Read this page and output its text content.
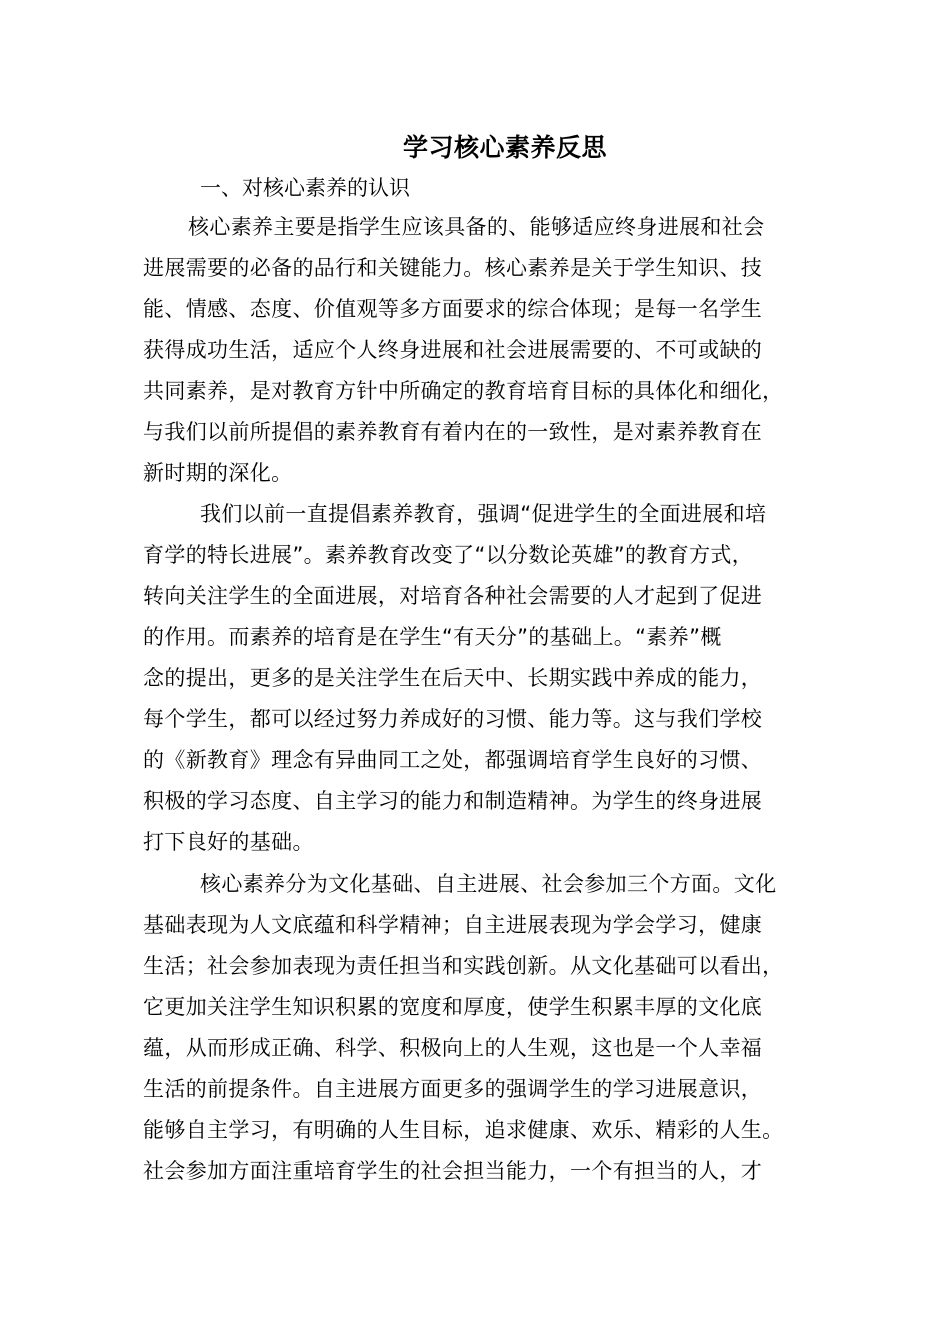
学习核心素养反思
一、对核心素养的认识
核心素养主要是指学生应该具备的、能够适应终身进展和社会
进展需要的必备的品行和关键能力。核心素养是关于学生知识、技
能、情感、态度、价值观等多方面要求的综合体现；是每一名学生
获得成功生活，适应个人终身进展和社会进展需要的、不可或缺的
共同素养，是对教育方针中所确定的教育培育目标的具体化和细化，
与我们以前所提倡的素养教育有着内在的一致性，是对素养教育在
新时期的深化。
我们以前一直提倡素养教育，强调“促进学生的全面进展和培
育学的特长进展”。素养教育改变了“以分数论英雄”的教育方式，
转向关注学生的全面进展，对培育各种社会需要的人才起到了促进
的作用。而素养的培育是在学生“有天分”的基础上。“素养”概
念的提出，更多的是关注学生在后天中、长期实践中养成的能力，
每个学生，都可以经过努力养成好的习惯、能力等。这与我们学校
的《新教育》理念有异曲同工之处，都强调培育学生良好的习惯、
积极的学习态度、自主学习的能力和制造精神。为学生的终身进展
打下良好的基础。
核心素养分为文化基础、自主进展、社会参加三个方面。文化
基础表现为人文底蕴和科学精神；自主进展表现为学会学习，健康
生活；社会参加表现为责任担当和实践创新。从文化基础可以看出，
它更加关注学生知识积累的宽度和厚度，使学生积累丰厚的文化底
蕴，从而形成正确、科学、积极向上的人生观，这也是一个人幸福
生活的前提条件。自主进展方面更多的强调学生的学习进展意识，
能够自主学习，有明确的人生目标，追求健康、欢乐、精彩的人生。
社会参加方面注重培育学生的社会担当能力，一个有担当的人，才
